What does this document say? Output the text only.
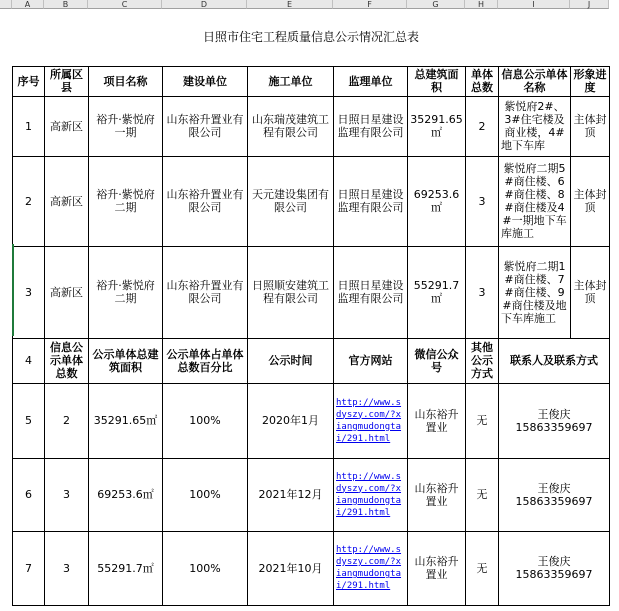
A	B	C	D	E	F	G	H	I	J
日照市住宅工程质量信息公示情况汇总表									
序号	所属区县	项目名称	建设单位	施工单位	监理单位	总建筑面积	单体总数	信息公示单体名称	形象进度
1	高新区	裕升·紫悦府一期	山东裕升置业有限公司	山东瑞茂建筑工程有限公司	日照日星建设监理有限公司	35291.65㎡	2	紫悦府2#、3#住宅楼及商业楼，4#地下车库	主体封顶
2	高新区	裕升·紫悦府二期	山东裕升置业有限公司	天元建设集团有限公司	日照日星建设监理有限公司	69253.6㎡	3	紫悦府二期5#商住楼、6#商住楼、8#商住楼及4#一期地下车库施工	主体封顶
3	高新区	裕升·紫悦府二期	山东裕升置业有限公司	日照顺安建筑工程有限公司	日照日星建设监理有限公司	55291.7㎡	3	紫悦府二期1#商住楼、7#商住楼、9#商住楼及地下车库施工	主体封顶
4	信息公示单体总数	公示单体总建筑面积	公示单体占单体总数百分比	公示时间	官方网站	微信公众号	其他公示方式	联系人及联系方式	
5	2	35291.65㎡	100%	2020年1月	http://www.sdyszy.com/?xiangmudongtai/291.html	山东裕升置业	无	王俊庆
15863359697	

6	3	69253.6㎡	100%	2021年12月	http://www.sdyszy.com/?xiangmudongtai/291.html	山东裕升置业	无	王俊庆
15863359697	

7	3	55291.7㎡	100%	2021年10月	http://www.sdyszy.com/?xiangmudongtai/291.html	山东裕升置业	无	王俊庆
15863359697	
